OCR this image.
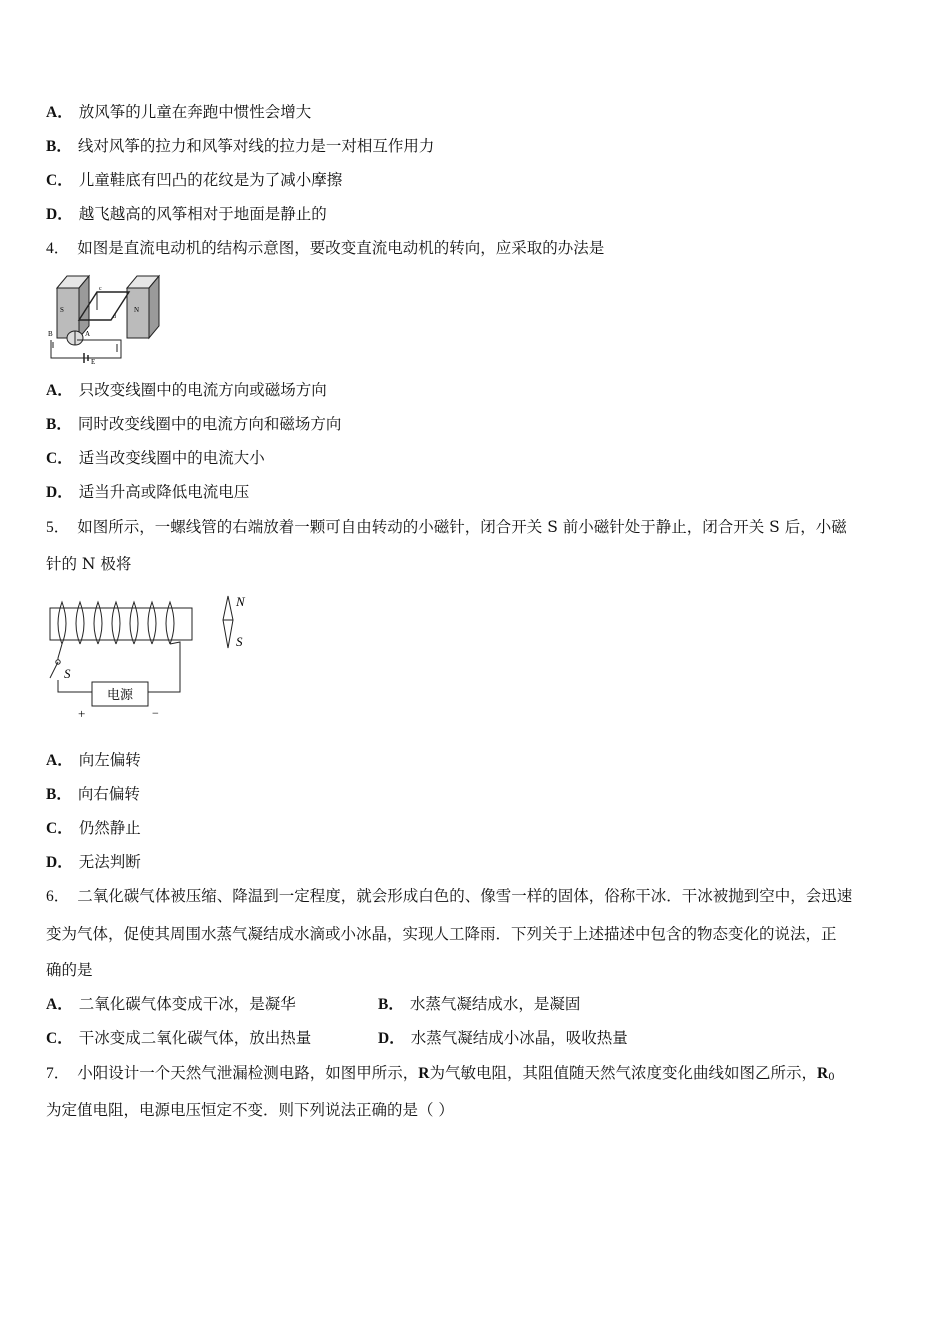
A． 放风筝的儿童在奔跑中惯性会增大
B． 线对风筝的拉力和风筝对线的拉力是一对相互作用力
C． 儿童鞋底有凹凸的花纹是为了减小摩擦
D． 越飞越高的风筝相对于地面是静止的
4． 如图是直流电动机的结构示意图，要改变直流电动机的转向，应采取的办法是
S	N
B	A
E
c
d
A． 只改变线圈中的电流方向或磁场方向
B． 同时改变线圈中的电流方向和磁场方向
C． 适当改变线圈中的电流大小
D． 适当升高或降低电流电压
5． 如图所示，一螺线管的右端放着一颗可自由转动的小磁针，闭合开关 S 前小磁针处于静止，闭合开关 S 后，小磁
针的 N 极将
S
电源
+	−
N
S
A． 向左偏转
B． 向右偏转
C． 仍然静止
D． 无法判断
6． 二氧化碳气体被压缩、降温到一定程度，就会形成白色的、像雪一样的固体，俗称干冰．干冰被抛到空中，会迅速
变为气体，促使其周围水蒸气凝结成水滴或小冰晶，实现人工降雨．下列关于上述描述中包含的物态变化的说法，正
确的是
A． 二氧化碳气体变成干冰，是凝华	B． 水蒸气凝结成水，是凝固
C． 干冰变成二氧化碳气体，放出热量	D． 水蒸气凝结成小冰晶，吸收热量
7． 小阳设计一个天然气泄漏检测电路，如图甲所示，R为气敏电阻，其阻值随天然气浓度变化曲线如图乙所示，$R_0$
为定值电阻，电源电压恒定不变．则下列说法正确的是（ ）
